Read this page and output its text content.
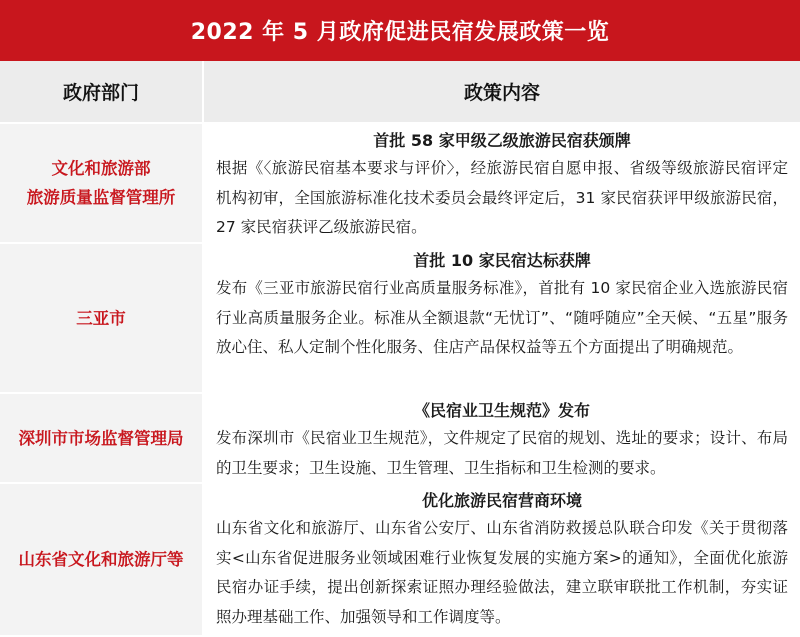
2022 年 5 月政府促进民宿发展政策一览
政府部门	政策内容
文化和旅游部
旅游质量监督管理所
首批 58 家甲级乙级旅游民宿获颁牌
根据《〈旅游民宿基本要求与评价〉，经旅游民宿自愿申报、省级等级旅游民宿评定机构初审，全国旅游标准化技术委员会最终评定后，31 家民宿获评甲级旅游民宿，27 家民宿获评乙级旅游民宿。
三亚市
首批 10 家民宿达标获牌
发布《三亚市旅游民宿行业高质量服务标准》，首批有 10 家民宿企业入选旅游民宿行业高质量服务企业。标准从全额退款“无忧订”、“随呼随应”全天候、“五星”服务放心住、私人定制个性化服务、住店产品保权益等五个方面提出了明确规范。
深圳市市场监督管理局
《民宿业卫生规范》发布
发布深圳市《民宿业卫生规范》，文件规定了民宿的规划、选址的要求；设计、布局的卫生要求；卫生设施、卫生管理、卫生指标和卫生检测的要求。
山东省文化和旅游厅等
优化旅游民宿营商环境
山东省文化和旅游厅、山东省公安厅、山东省消防救援总队联合印发《关于贯彻落实<山东省促进服务业领域困难行业恢复发展的实施方案>的通知》，全面优化旅游民宿办证手续，提出创新探索证照办理经验做法，建立联审联批工作机制，夯实证照办理基础工作、加强领导和工作调度等。
